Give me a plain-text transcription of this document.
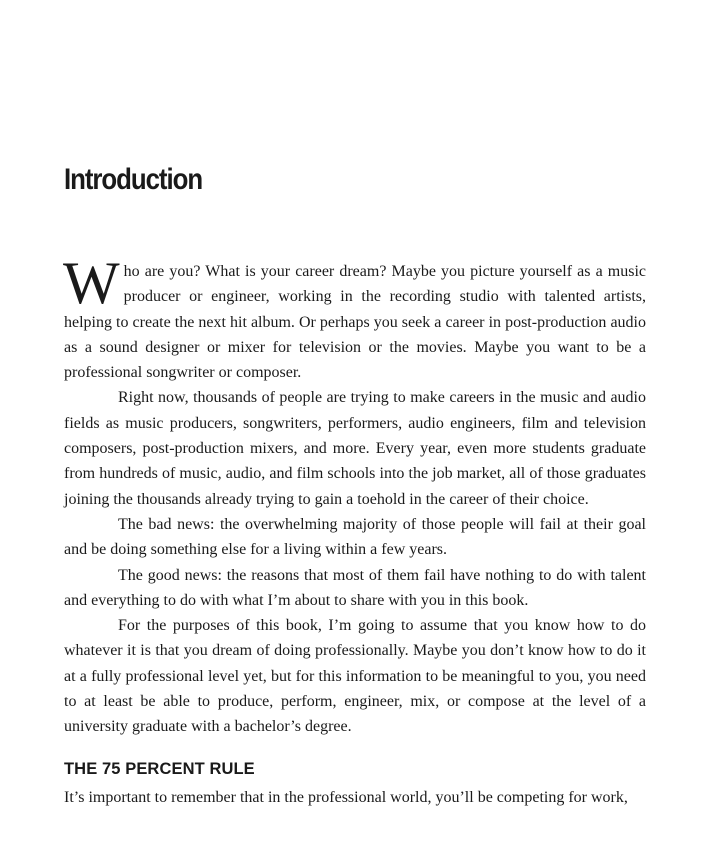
Introduction

Who are you? What is your career dream? Maybe you picture yourself as a music producer or engineer, working in the recording studio with talented artists, helping to create the next hit album. Or perhaps you seek a career in post-production audio as a sound designer or mixer for television or the movies. Maybe you want to be a professional songwriter or composer.

Right now, thousands of people are trying to make careers in the music and audio fields as music producers, songwriters, performers, audio engineers, film and television composers, post-production mixers, and more. Every year, even more students graduate from hundreds of music, audio, and film schools into the job market, all of those graduates joining the thousands already trying to gain a toehold in the career of their choice.

The bad news: the overwhelming majority of those people will fail at their goal and be doing something else for a living within a few years.

The good news: the reasons that most of them fail have nothing to do with talent and everything to do with what I’m about to share with you in this book.

For the purposes of this book, I’m going to assume that you know how to do whatever it is that you dream of doing professionally. Maybe you don’t know how to do it at a fully professional level yet, but for this information to be meaningful to you, you need to at least be able to produce, perform, engineer, mix, or compose at the level of a university graduate with a bachelor’s degree.

THE 75 PERCENT RULE

It’s important to remember that in the professional world, you’ll be competing for work,
